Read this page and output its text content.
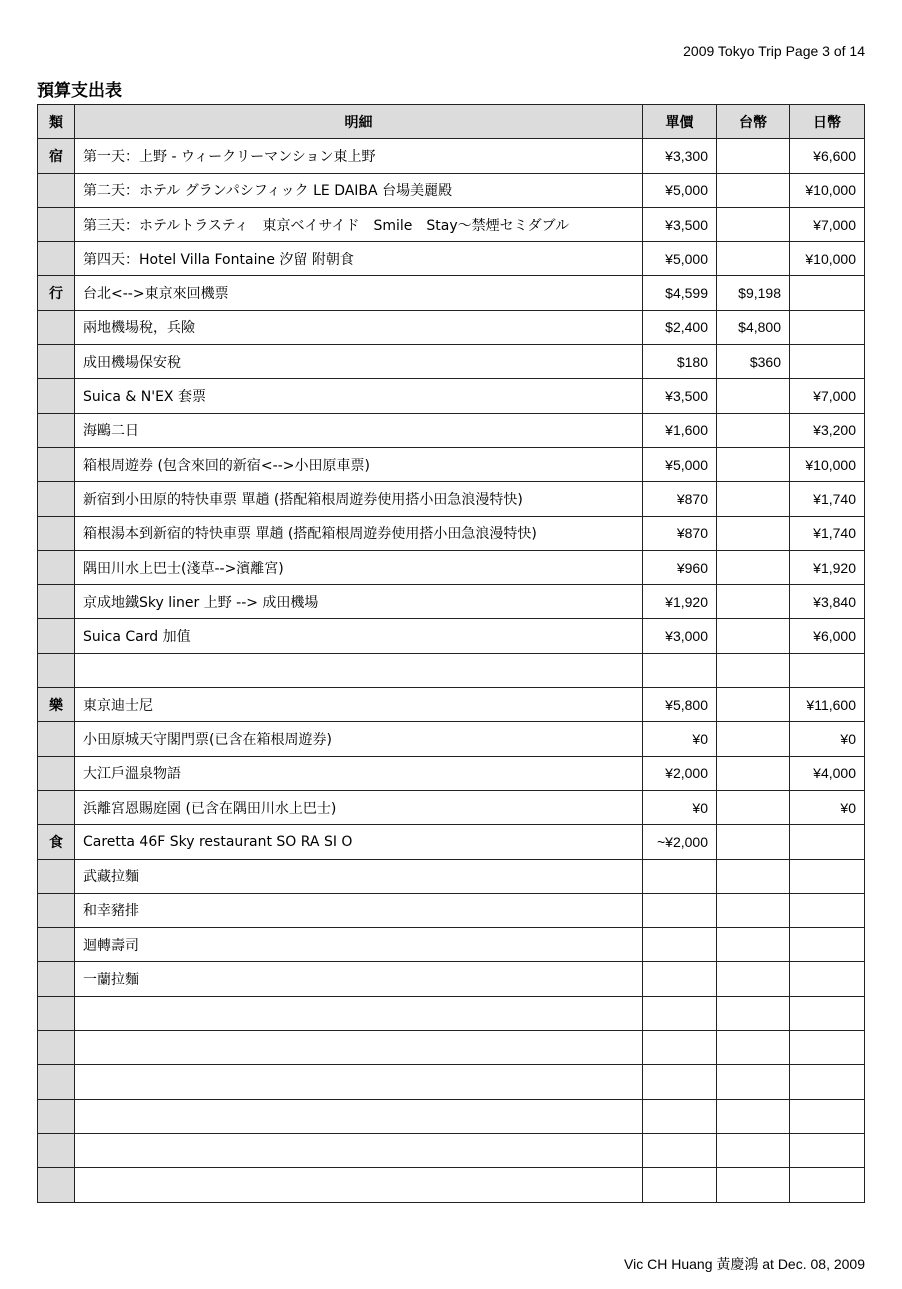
2009 Tokyo Trip Page 3 of 14
預算支出表
類	明細	單價	台幣	日幣
宿	第一天：上野 - ウィークリーマンション東上野	¥3,300		¥6,600
	第二天：ホテル グランパシフィック LE DAIBA 台場美麗殿	¥5,000		¥10,000
	第三天：ホテルトラスティ　東京ベイサイド　Smile　Stay〜禁煙セミダブル	¥3,500		¥7,000
	第四天：Hotel Villa Fontaine 汐留 附朝食	¥5,000		¥10,000
行	台北<-->東京來回機票	$4,599	$9,198	
	兩地機場稅，兵險	$2,400	$4,800	
	成田機場保安稅	$180	$360	
	Suica & N'EX 套票	¥3,500		¥7,000
	海鷗二日	¥1,600		¥3,200
	箱根周遊券 (包含來回的新宿<-->小田原車票)	¥5,000		¥10,000
	新宿到小田原的特快車票 單趟 (搭配箱根周遊券使用搭小田急浪漫特快)	¥870		¥1,740
	箱根湯本到新宿的特快車票 單趟 (搭配箱根周遊券使用搭小田急浪漫特快)	¥870		¥1,740
	隅田川水上巴士(淺草-->濱離宮)	¥960		¥1,920
	京成地鐵Sky liner 上野 --> 成田機場	¥1,920		¥3,840
	Suica Card 加值	¥3,000		¥6,000

樂	東京迪士尼	¥5,800		¥11,600
	小田原城天守閣門票(已含在箱根周遊券)	¥0		¥0
	大江戶溫泉物語	¥2,000		¥4,000
	浜離宮恩賜庭園 (已含在隅田川水上巴士)	¥0		¥0
食	Caretta 46F Sky restaurant SO RA SI O	~¥2,000		
	武藏拉麵			
	和幸豬排			
	迴轉壽司			
	一蘭拉麵			

Vic CH Huang 黃慶鴻 at Dec. 08, 2009
